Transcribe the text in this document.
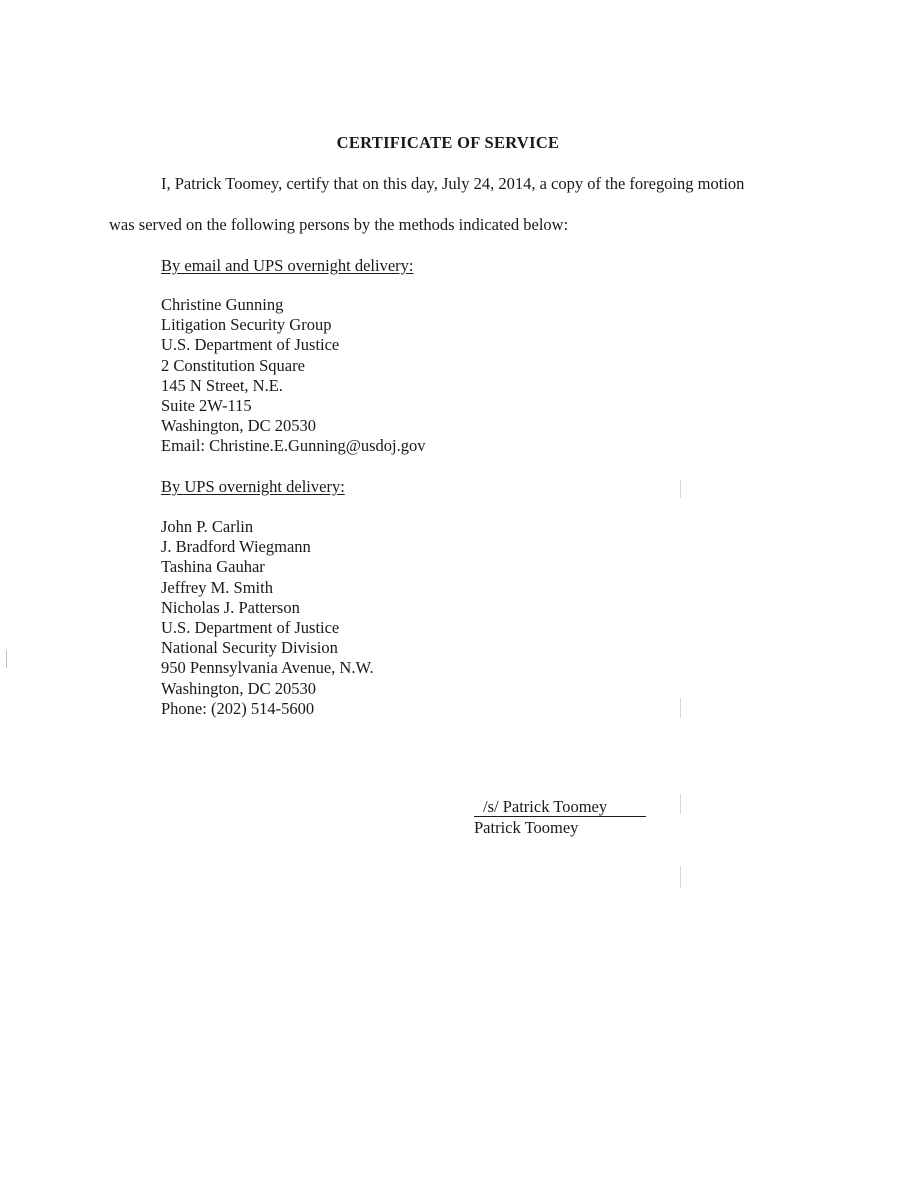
CERTIFICATE OF SERVICE
I, Patrick Toomey, certify that on this day, July 24, 2014, a copy of the foregoing motion
was served on the following persons by the methods indicated below:
By email and UPS overnight delivery:
Christine Gunning
Litigation Security Group
U.S. Department of Justice
2 Constitution Square
145 N Street, N.E.
Suite 2W-115
Washington, DC 20530
Email: Christine.E.Gunning@usdoj.gov
By UPS overnight delivery:
John P. Carlin
J. Bradford Wiegmann
Tashina Gauhar
Jeffrey M. Smith
Nicholas J. Patterson
U.S. Department of Justice
National Security Division
950 Pennsylvania Avenue, N.W.
Washington, DC 20530
Phone: (202) 514-5600
/s/ Patrick Toomey
Patrick Toomey
